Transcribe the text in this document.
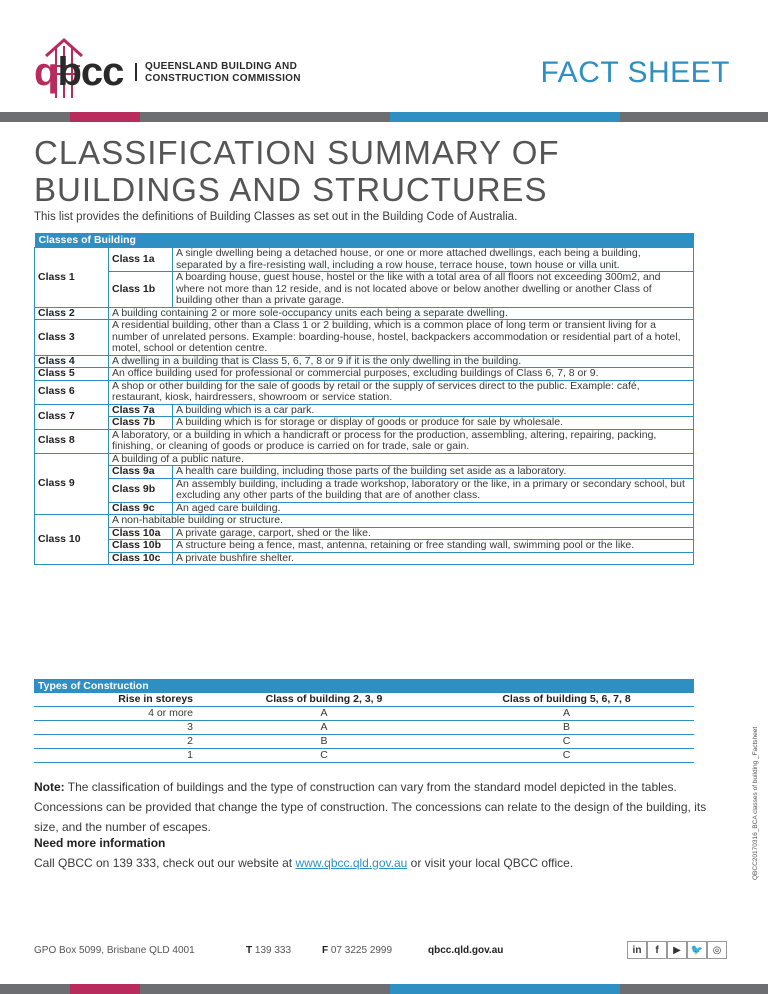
qbcc QUEENSLAND BUILDING AND
CONSTRUCTION COMMISSION	FACT SHEET
CLASSIFICATION SUMMARY OF BUILDINGS AND STRUCTURES

This list provides the definitions of Building Classes as set out in the Building Code of Australia.

Classes of Building		
Class 1	Class 1a	A single dwelling being a detached house, or one or more attached dwellings, each being a building, separated by a fire-resisting wall, including a row house, terrace house, town house or villa unit.
	Class 1b	A boarding house, guest house, hostel or the like with a total area of all floors not exceeding 300m2, and where not more than 12 reside, and is not located above or below another dwelling or another Class of building other than a private garage.
Class 2	A building containing 2 or more sole-occupancy units each being a separate dwelling.	
Class 3	A residential building, other than a Class 1 or 2 building, which is a common place of long term or transient living for a number of unrelated persons. Example: boarding-house, hostel, backpackers accommodation or residential part of a hotel, motel, school or detention centre.	
Class 4	A dwelling in a building that is Class 5, 6, 7, 8 or 9 if it is the only dwelling in the building.	
Class 5	An office building used for professional or commercial purposes, excluding buildings of Class 6, 7, 8 or 9.	
Class 6	A shop or other building for the sale of goods by retail or the supply of services direct to the public. Example: café, restaurant, kiosk, hairdressers, showroom or service station.	
Class 7	Class 7a	A building which is a car park.
	Class 7b	A building which is for storage or display of goods or produce for sale by wholesale.
Class 8	A laboratory, or a building in which a handicraft or process for the production, assembling, altering, repairing, packing, finishing, or cleaning of goods or produce is carried on for trade, sale or gain.	
Class 9	A building of a public nature.	
	Class 9a	A health care building, including those parts of the building set aside as a laboratory.
	Class 9b	An assembly building, including a trade workshop, laboratory or the like, in a primary or secondary school, but excluding any other parts of the building that are of another class.
	Class 9c	An aged care building.
Class 10	A non-habitable building or structure.	
	Class 10a	A private garage, carport, shed or the like.
	Class 10b	A structure being a fence, mast, antenna, retaining or free standing wall, swimming pool or the like.
	Class 10c	A private bushfire shelter.
Types of Construction		
Rise in storeys	Class of building 2, 3, 9	Class of building 5, 6, 7, 8
4 or more	A	A
3	A	B
2	B	C
1	C	C

Note: The classification of buildings and the type of construction can vary from the standard model depicted in the tables. Concessions can be provided that change the type of construction. The concessions can relate to the design of the building, its size, and the number of escapes.

Need more information

Call QBCC on 139 333, check out our website at www.qbcc.qld.gov.au or visit your local QBCC office.	QBCC20170316_BCA classes of building _Factsheet
GPO Box 5099, Brisbane QLD 4001	T 139 333	F 07 3225 2999	qbcc.qld.gov.au	in	f	▶ 🐦 ◎
